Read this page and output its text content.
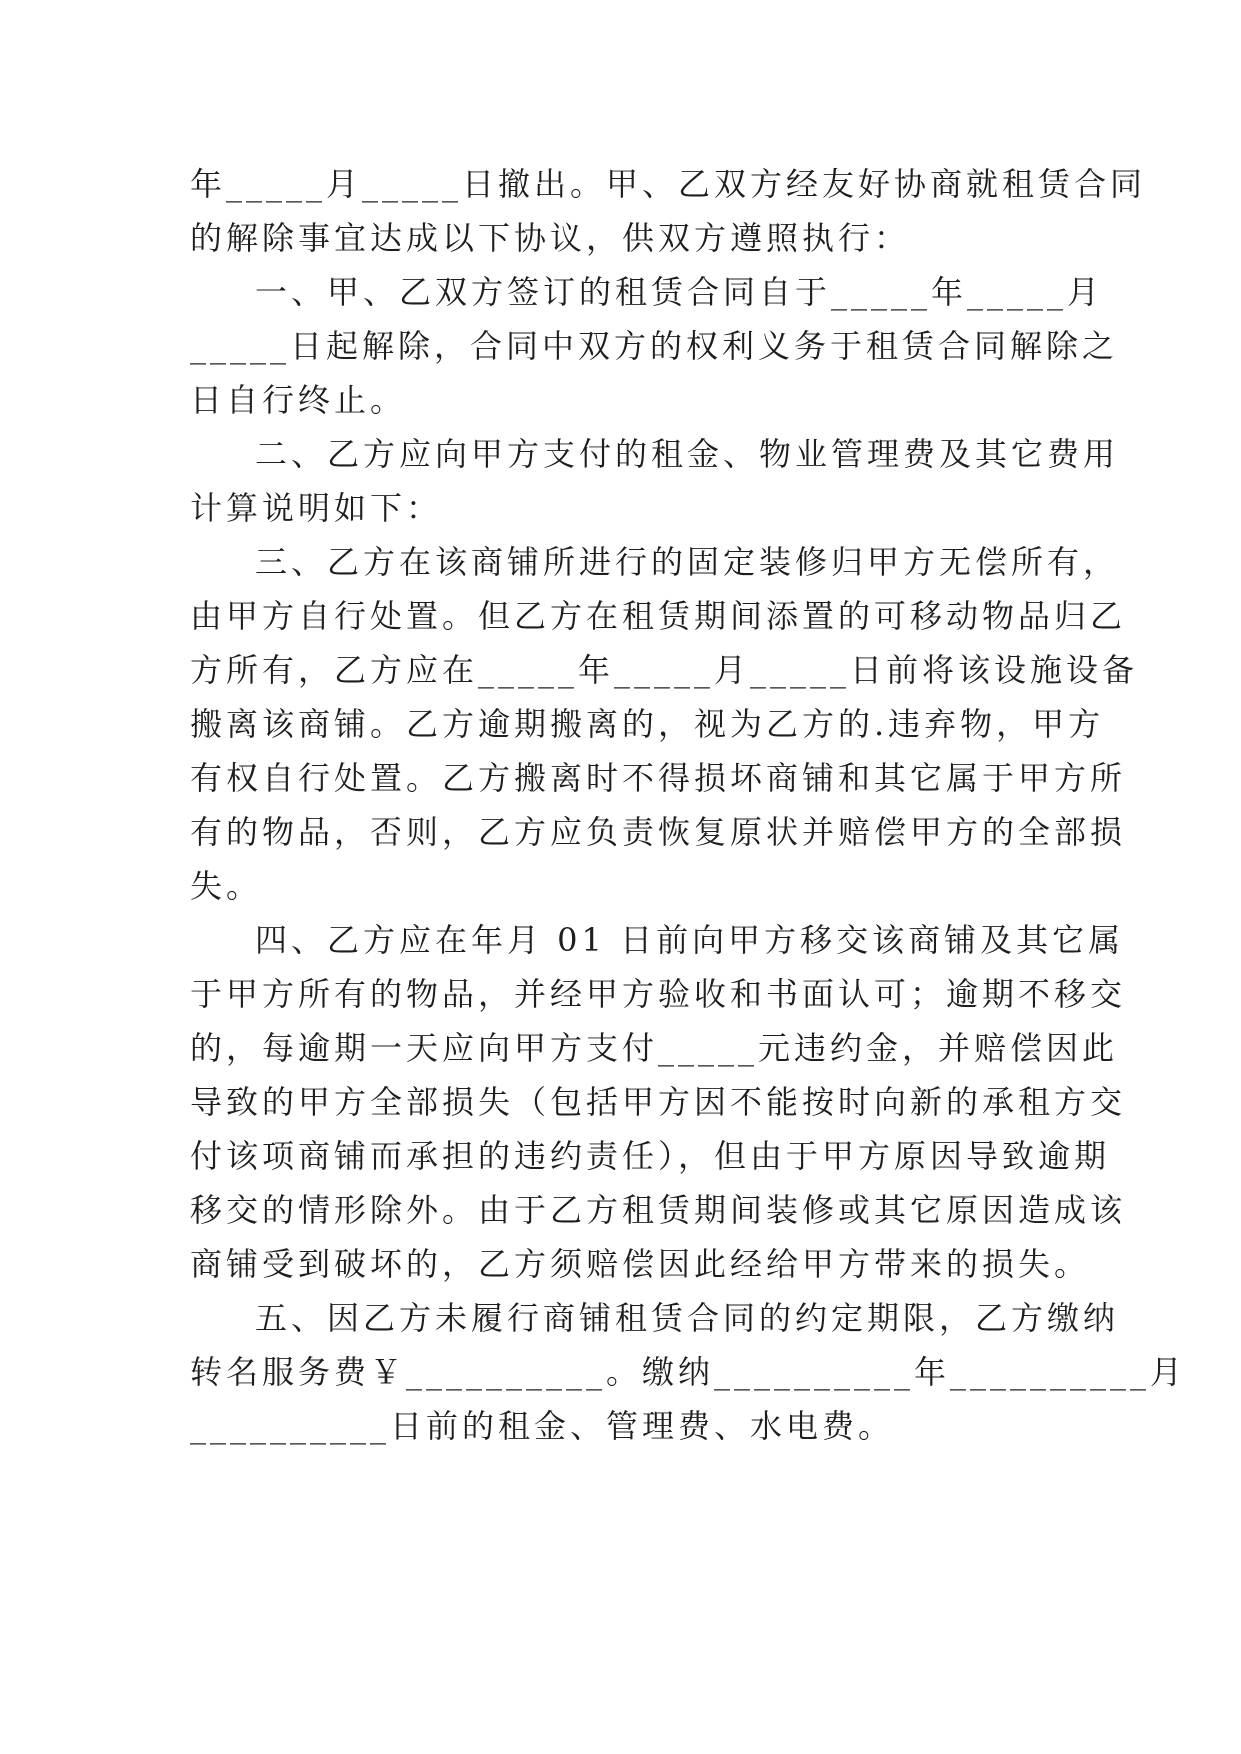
年_____月_____日撤出。甲、乙双方经友好协商就租赁合同
的解除事宜达成以下协议，供双方遵照执行：
一、甲、乙双方签订的租赁合同自于_____年_____月
_____日起解除，合同中双方的权利义务于租赁合同解除之
日自行终止。
二、乙方应向甲方支付的租金、物业管理费及其它费用
计算说明如下：
三、乙方在该商铺所进行的固定装修归甲方无偿所有，
由甲方自行处置。但乙方在租赁期间添置的可移动物品归乙
方所有，乙方应在_____年_____月_____日前将该设施设备
搬离该商铺。乙方逾期搬离的，视为乙方的.违弃物，甲方
有权自行处置。乙方搬离时不得损坏商铺和其它属于甲方所
有的物品，否则，乙方应负责恢复原状并赔偿甲方的全部损
失。
四、乙方应在年月 01 日前向甲方移交该商铺及其它属
于甲方所有的物品，并经甲方验收和书面认可；逾期不移交
的，每逾期一天应向甲方支付_____元违约金，并赔偿因此
导致的甲方全部损失（包括甲方因不能按时向新的承租方交
付该项商铺而承担的违约责任），但由于甲方原因导致逾期
移交的情形除外。由于乙方租赁期间装修或其它原因造成该
商铺受到破坏的，乙方须赔偿因此经给甲方带来的损失。
五、因乙方未履行商铺租赁合同的约定期限，乙方缴纳
转名服务费￥__________。缴纳__________年__________月
__________日前的租金、管理费、水电费。
